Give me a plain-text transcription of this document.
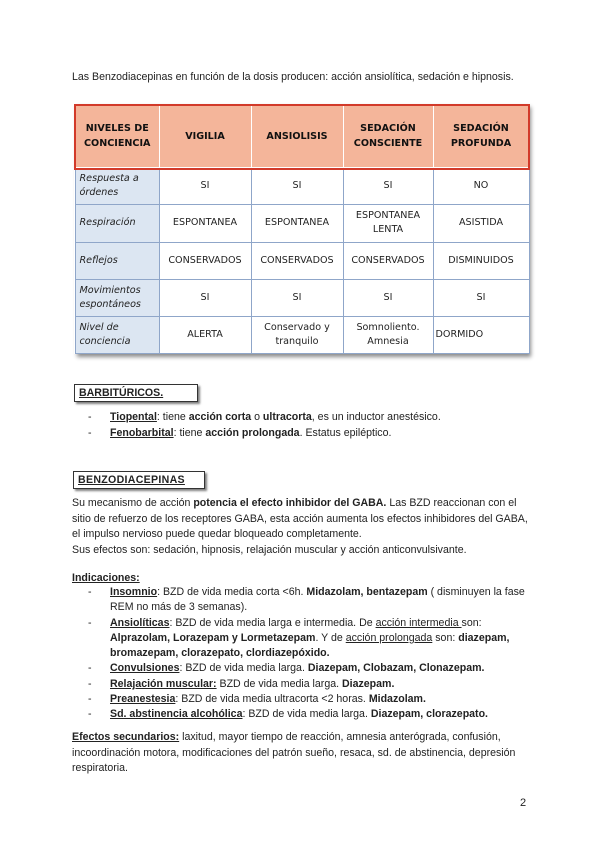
Las Benzodiacepinas en función de la dosis producen: acción ansiolítica, sedación e hipnosis.
NIVELES DE CONCIENCIA	VIGILIA	ANSIOLISIS	SEDACIÓN CONSCIENTE	SEDACIÓN PROFUNDA
Respuesta a órdenes	SI	SI	SI	NO
Respiración	ESPONTANEA	ESPONTANEA	ESPONTANEA LENTA	ASISTIDA
Reflejos	CONSERVADOS	CONSERVADOS	CONSERVADOS	DISMINUIDOS
Movimientos espontáneos	SI	SI	SI	SI
Nivel de conciencia	ALERTA	Conservado y tranquilo	Somnoliento. Amnesia	DORMIDO
BARBITÚRICOS.
- Tiopental: tiene acción corta o ultracorta, es un inductor anestésico.
- Fenobarbital: tiene acción prolongada. Estatus epiléptico.
BENZODIACEPINAS
Su mecanismo de acción potencia el efecto inhibidor del GABA. Las BZD reaccionan con el sitio de refuerzo de los receptores GABA, esta acción aumenta los efectos inhibidores del GABA, el impulso nervioso puede quedar bloqueado completamente.
Sus efectos son: sedación, hipnosis, relajación muscular y acción anticonvulsivante.
Indicaciones:
- Insomnio: BZD de vida media corta <6h. Midazolam, bentazepam ( disminuyen la fase REM no más de 3 semanas).
- Ansiolíticas: BZD de vida media larga e intermedia. De acción intermedia son: Alprazolam, Lorazepam y Lormetazepam. Y de acción prolongada son: diazepam, bromazepam, clorazepato, clordiazepóxido.
- Convulsiones: BZD de vida media larga. Diazepam, Clobazam, Clonazepam.
- Relajación muscular: BZD de vida media larga. Diazepam.
- Preanestesia: BZD de vida media ultracorta <2 horas. Midazolam.
- Sd. abstinencia alcohólica: BZD de vida media larga. Diazepam, clorazepato.
Efectos secundarios: laxitud, mayor tiempo de reacción, amnesia anterógrada, confusión, incoordinación motora, modificaciones del patrón sueño, resaca, sd. de abstinencia, depresión respiratoria.
2
